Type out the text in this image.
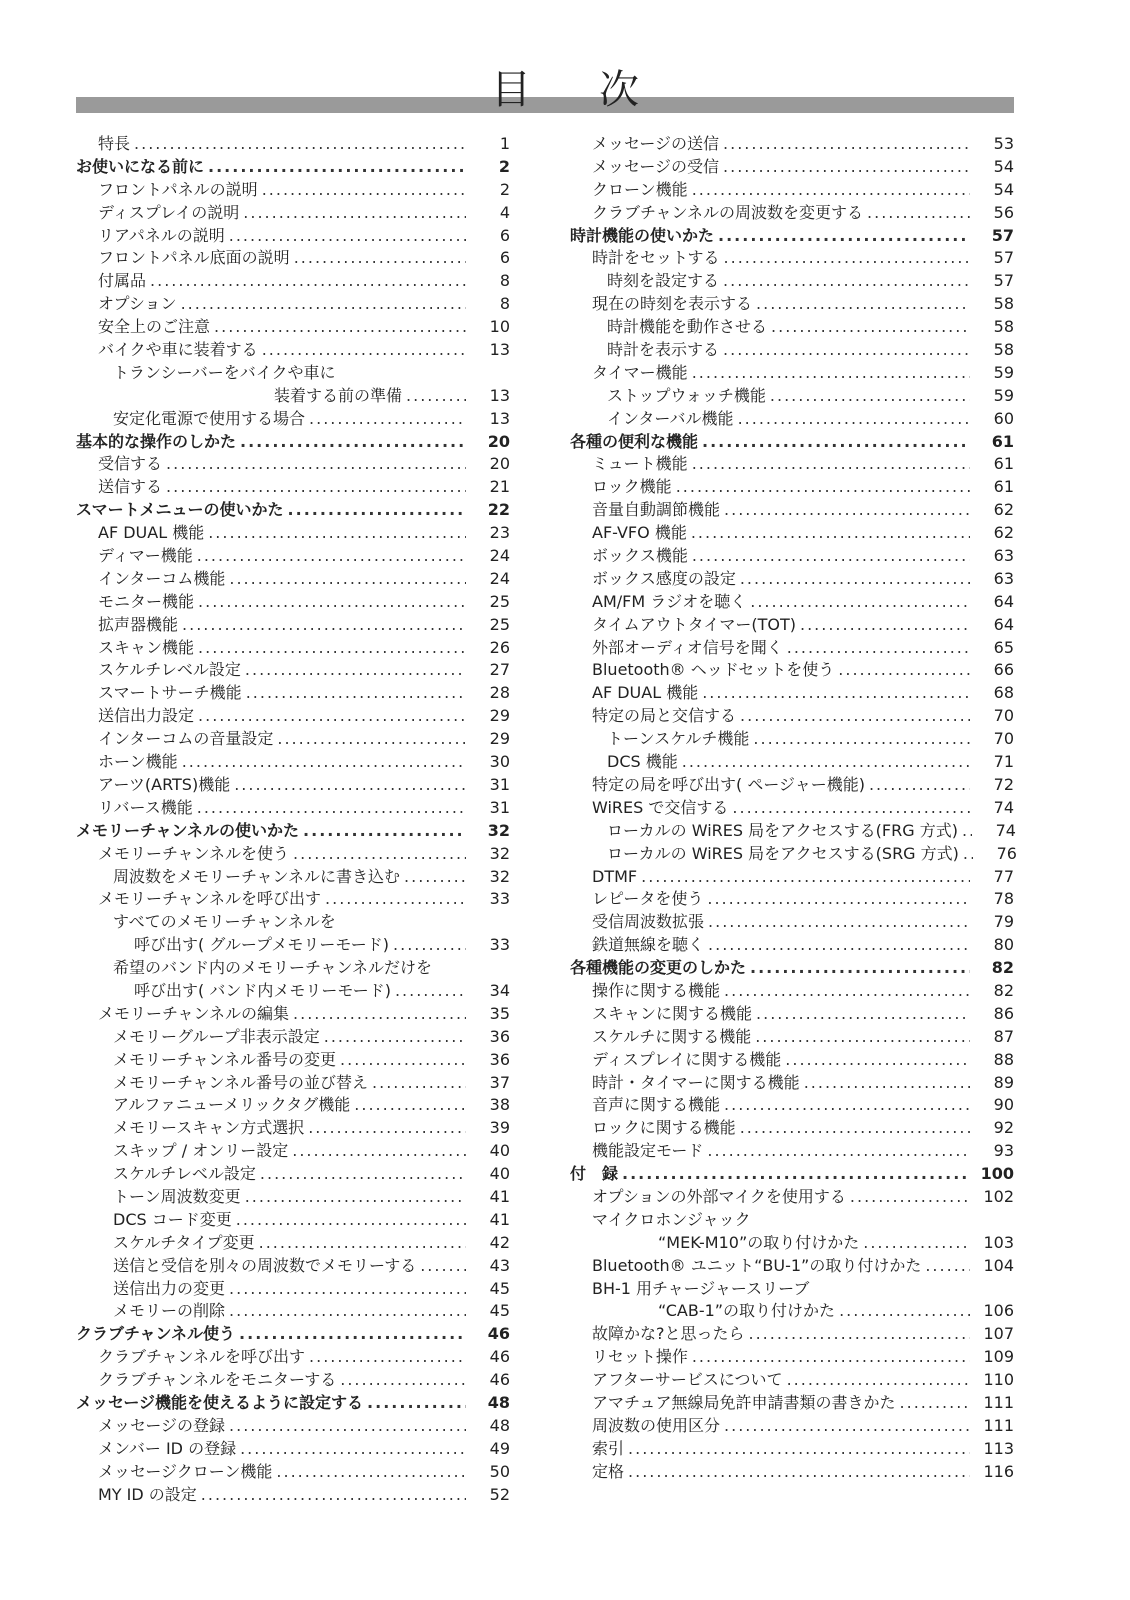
目　次
特長 .....	1
お使いになる前に .....	2
フロントパネルの説明 .....	2
ディスプレイの説明 .....	4
リアパネルの説明 .....	6
フロントパネル底面の説明 .....	6
付属品 .....	8
オプション .....	8
安全上のご注意 .....	10
バイクや車に装着する .....	13
トランシーバーをバイクや車に
装着する前の準備 .....	13
安定化電源で使用する場合 .....	13
基本的な操作のしかた .....	20
受信する .....	20
送信する .....	21
スマートメニューの使いかた .....	22
AF DUAL 機能 .....	23
ディマー機能 .....	24
インターコム機能 .....	24
モニター機能 .....	25
拡声器機能 .....	25
スキャン機能 .....	26
スケルチレベル設定 .....	27
スマートサーチ機能 .....	28
送信出力設定 .....	29
インターコムの音量設定 .....	29
ホーン機能 .....	30
アーツ(ARTS)機能 .....	31
リバース機能 .....	31
メモリーチャンネルの使いかた .....	32
メモリーチャンネルを使う .....	32
周波数をメモリーチャンネルに書き込む .....	32
メモリーチャンネルを呼び出す .....	33
すべてのメモリーチャンネルを
呼び出す( グループメモリーモード) .....	33
希望のバンド内のメモリーチャンネルだけを
呼び出す( バンド内メモリーモード) .....	34
メモリーチャンネルの編集 .....	35
メモリーグループ非表示設定 .....	36
メモリーチャンネル番号の変更 .....	36
メモリーチャンネル番号の並び替え .....	37
アルファニューメリックタグ機能 .....	38
メモリースキャン方式選択 .....	39
スキップ / オンリー設定 .....	40
スケルチレベル設定 .....	40
トーン周波数変更 .....	41
DCS コード変更 .....	41
スケルチタイプ変更 .....	42
送信と受信を別々の周波数でメモリーする .....	43
送信出力の変更 .....	45
メモリーの削除 .....	45
クラブチャンネル使う .....	46
クラブチャンネルを呼び出す .....	46
クラブチャンネルをモニターする .....	46
メッセージ機能を使えるように設定する .....	48
メッセージの登録 .....	48
メンバー ID の登録 .....	49
メッセージクローン機能 .....	50
MY ID の設定 .....	52
メッセージの送信 .....	53
メッセージの受信 .....	54
クローン機能 .....	54
クラブチャンネルの周波数を変更する .....	56
時計機能の使いかた .....	57
時計をセットする .....	57
時刻を設定する .....	57
現在の時刻を表示する .....	58
時計機能を動作させる .....	58
時計を表示する .....	58
タイマー機能 .....	59
ストップウォッチ機能 .....	59
インターバル機能 .....	60
各種の便利な機能 .....	61
ミュート機能 .....	61
ロック機能 .....	61
音量自動調節機能 .....	62
AF-VFO 機能 .....	62
ボックス機能 .....	63
ボックス感度の設定 .....	63
AM/FM ラジオを聴く .....	64
タイムアウトタイマー(TOT) .....	64
外部オーディオ信号を聞く .....	65
Bluetooth® ヘッドセットを使う .....	66
AF DUAL 機能 .....	68
特定の局と交信する .....	70
トーンスケルチ機能 .....	70
DCS 機能 .....	71
特定の局を呼び出す( ページャー機能) .....	72
WiRES で交信する .....	74
ローカルの WiRES 局をアクセスする(FRG 方式) .....	74
ローカルの WiRES 局をアクセスする(SRG 方式) .....	76
DTMF .....	77
レピータを使う .....	78
受信周波数拡張 .....	79
鉄道無線を聴く .....	80
各種機能の変更のしかた .....	82
操作に関する機能 .....	82
スキャンに関する機能 .....	86
スケルチに関する機能 .....	87
ディスプレイに関する機能 .....	88
時計・タイマーに関する機能 .....	89
音声に関する機能 .....	90
ロックに関する機能 .....	92
機能設定モード .....	93
付　録 .....	100
オプションの外部マイクを使用する .....	102
マイクロホンジャック
“MEK-M10”の取り付けかた .....	103
Bluetooth® ユニット“BU-1”の取り付けかた .....	104
BH-1 用チャージャースリーブ
“CAB-1”の取り付けかた .....	106
故障かな?と思ったら .....	107
リセット操作 .....	109
アフターサービスについて .....	110
アマチュア無線局免許申請書類の書きかた .....	111
周波数の使用区分 .....	111
索引 .....	113
定格 .....	116
